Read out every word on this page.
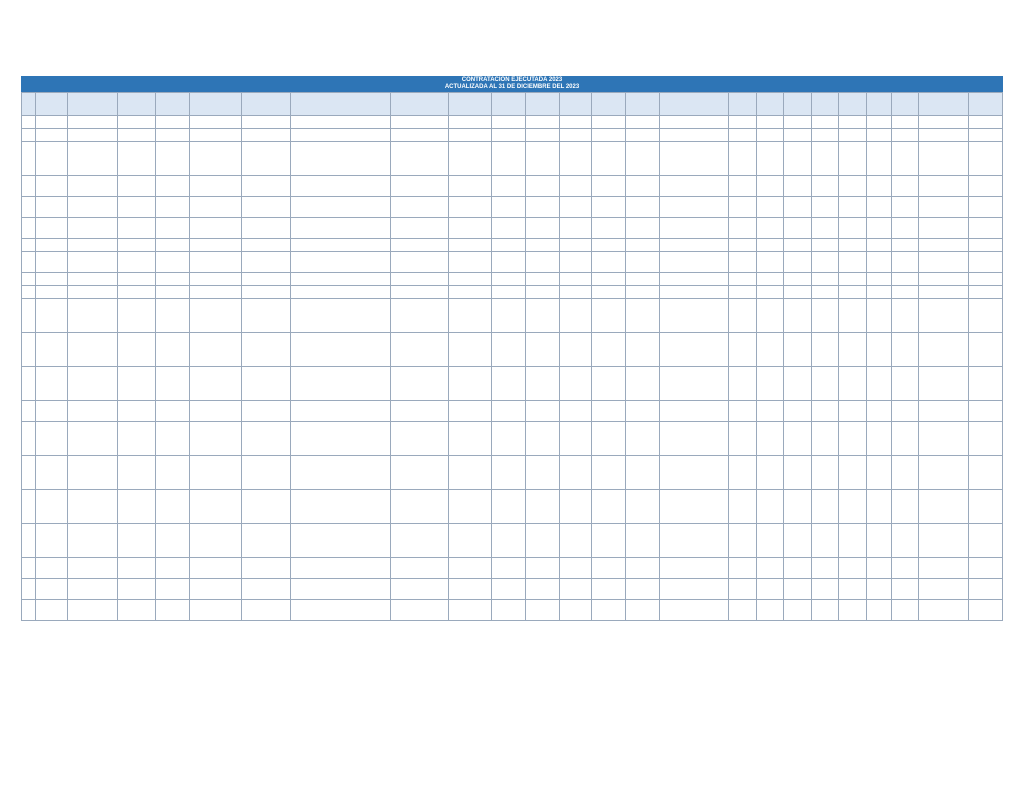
CONTRATACIÓN EJECUTADA 2023
ACTUALIZADA AL 31 DE DICIEMBRE DEL 2023
